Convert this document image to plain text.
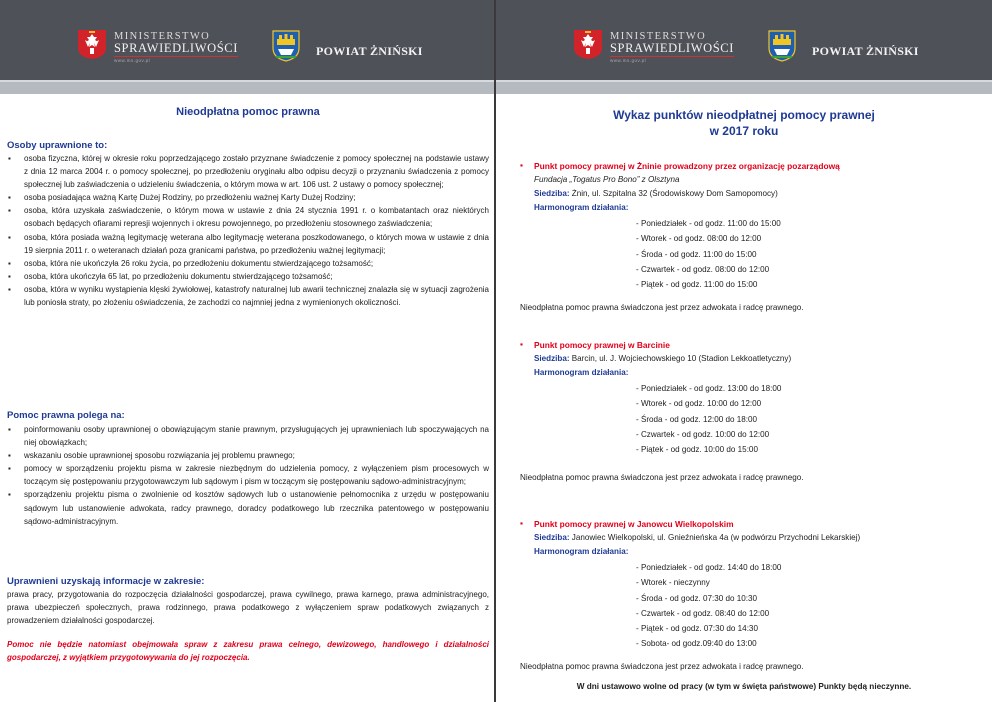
MINISTERSTWO
SPRAWIEDLIWOŚCI
www.ms.gov.pl
POWIAT ŻNIŃSKI
Nieodpłatna pomoc prawna
Osoby uprawnione to:
▪ osoba fizyczna, której w okresie roku poprzedzającego zostało przyznane świadczenie z pomocy społecznej na podstawie ustawy z dnia 12 marca 2004 r. o pomocy społecznej, po przedłożeniu oryginału albo odpisu decyzji o przyznaniu świadczenia z pomocy społecznej lub zaświadczenia o udzieleniu świadczenia, o którym mowa w art. 106 ust. 2 ustawy o pomocy społecznej;
▪ osoba posiadająca ważną Kartę Dużej Rodziny, po przedłożeniu ważnej Karty Dużej Rodziny;
▪ osoba, która uzyskała zaświadczenie, o którym mowa w ustawie z dnia 24 stycznia 1991 r. o kombatantach oraz niektórych osobach będących ofiarami represji wojennych i okresu powojennego, po przedłożeniu stosownego zaświadczenia;
▪ osoba, która posiada ważną legitymację weterana albo legitymację weterana poszkodowanego, o których mowa w ustawie z dnia 19 sierpnia 2011 r. o weteranach działań poza granicami państwa, po przedłożeniu ważnej legitymacji;
▪ osoba, która nie ukończyła 26 roku życia, po przedłożeniu dokumentu stwierdzającego tożsamość;
▪ osoba, która ukończyła 65 lat, po przedłożeniu dokumentu stwierdzającego tożsamość;
▪ osoba, która w wyniku wystąpienia klęski żywiołowej, katastrofy naturalnej lub awarii technicznej znalazła się w sytuacji zagrożenia lub poniosła straty, po złożeniu oświadczenia, że zachodzi co najmniej jedna z wymienionych okoliczności.
Pomoc prawna polega na:
▪ poinformowaniu osoby uprawnionej o obowiązującym stanie prawnym, przysługujących jej uprawnieniach lub spoczywających na niej obowiązkach;
▪ wskazaniu osobie uprawnionej sposobu rozwiązania jej problemu prawnego;
▪ pomocy w sporządzeniu projektu pisma w zakresie niezbędnym do udzielenia pomocy, z wyłączeniem pism procesowych w toczącym się postępowaniu przygotowawczym lub sądowym i pism w toczącym się postępowaniu sądowo-administracyjnym;
▪ sporządzeniu projektu pisma o zwolnienie od kosztów sądowych lub o ustanowienie pełnomocnika z urzędu w postępowaniu sądowym lub ustanowienie adwokata, radcy prawnego, doradcy podatkowego lub rzecznika patentowego w postępowaniu sądowo-administracyjnym.
Uprawnieni uzyskają informacje w zakresie:
prawa pracy, przygotowania do rozpoczęcia działalności gospodarczej, prawa cywilnego, prawa karnego, prawa administracyjnego, prawa ubezpieczeń społecznych, prawa rodzinnego, prawa podatkowego z wyłączeniem spraw podatkowych związanych z prowadzeniem działalności gospodarczej.
Pomoc nie będzie natomiast obejmowała spraw z zakresu prawa celnego, dewizowego, handlowego i działalności gospodarczej, z wyjątkiem przygotowywania do jej rozpoczęcia.
MINISTERSTWO
SPRAWIEDLIWOŚCI
www.ms.gov.pl
POWIAT ŻNIŃSKI
Wykaz punktów nieodpłatnej pomocy prawnej
w 2017 roku
▪ Punkt pomocy prawnej w Żninie prowadzony przez organizację pozarządową
Fundacja „Togatus Pro Bono” z Olsztyna
Siedziba: Żnin, ul. Szpitalna 32 (Środowiskowy Dom Samopomocy)
Harmonogram działania:
- Poniedziałek - od godz. 11:00 do 15:00
- Wtorek - od godz. 08:00 do 12:00
- Środa - od godz. 11:00 do 15:00
- Czwartek - od godz. 08:00 do 12:00
- Piątek - od godz. 11:00 do 15:00
Nieodpłatna pomoc prawna świadczona jest przez adwokata i radcę prawnego.
▪ Punkt pomocy prawnej w Barcinie
Siedziba: Barcin, ul. J. Wojciechowskiego 10 (Stadion Lekkoatletyczny)
Harmonogram działania:
- Poniedziałek - od godz. 13:00 do 18:00
- Wtorek - od godz. 10:00 do 12:00
- Środa - od godz. 12:00 do 18:00
- Czwartek - od godz. 10:00 do 12:00
- Piątek - od godz. 10:00 do 15:00
Nieodpłatna pomoc prawna świadczona jest przez adwokata i radcę prawnego.
▪ Punkt pomocy prawnej w Janowcu Wielkopolskim
Siedziba: Janowiec Wielkopolski, ul. Gnieźnieńska 4a (w podwórzu Przychodni Lekarskiej)
Harmonogram działania:
- Poniedziałek - od godz. 14:40 do 18:00
- Wtorek - nieczynny
- Środa - od godz. 07:30 do 10:30
- Czwartek - od godz. 08:40 do 12:00
- Piątek - od godz. 07:30 do 14:30
- Sobota- od godz.09:40 do 13:00
Nieodpłatna pomoc prawna świadczona jest przez adwokata i radcę prawnego.
W dni ustawowo wolne od pracy (w tym w święta państwowe) Punkty będą nieczynne.
